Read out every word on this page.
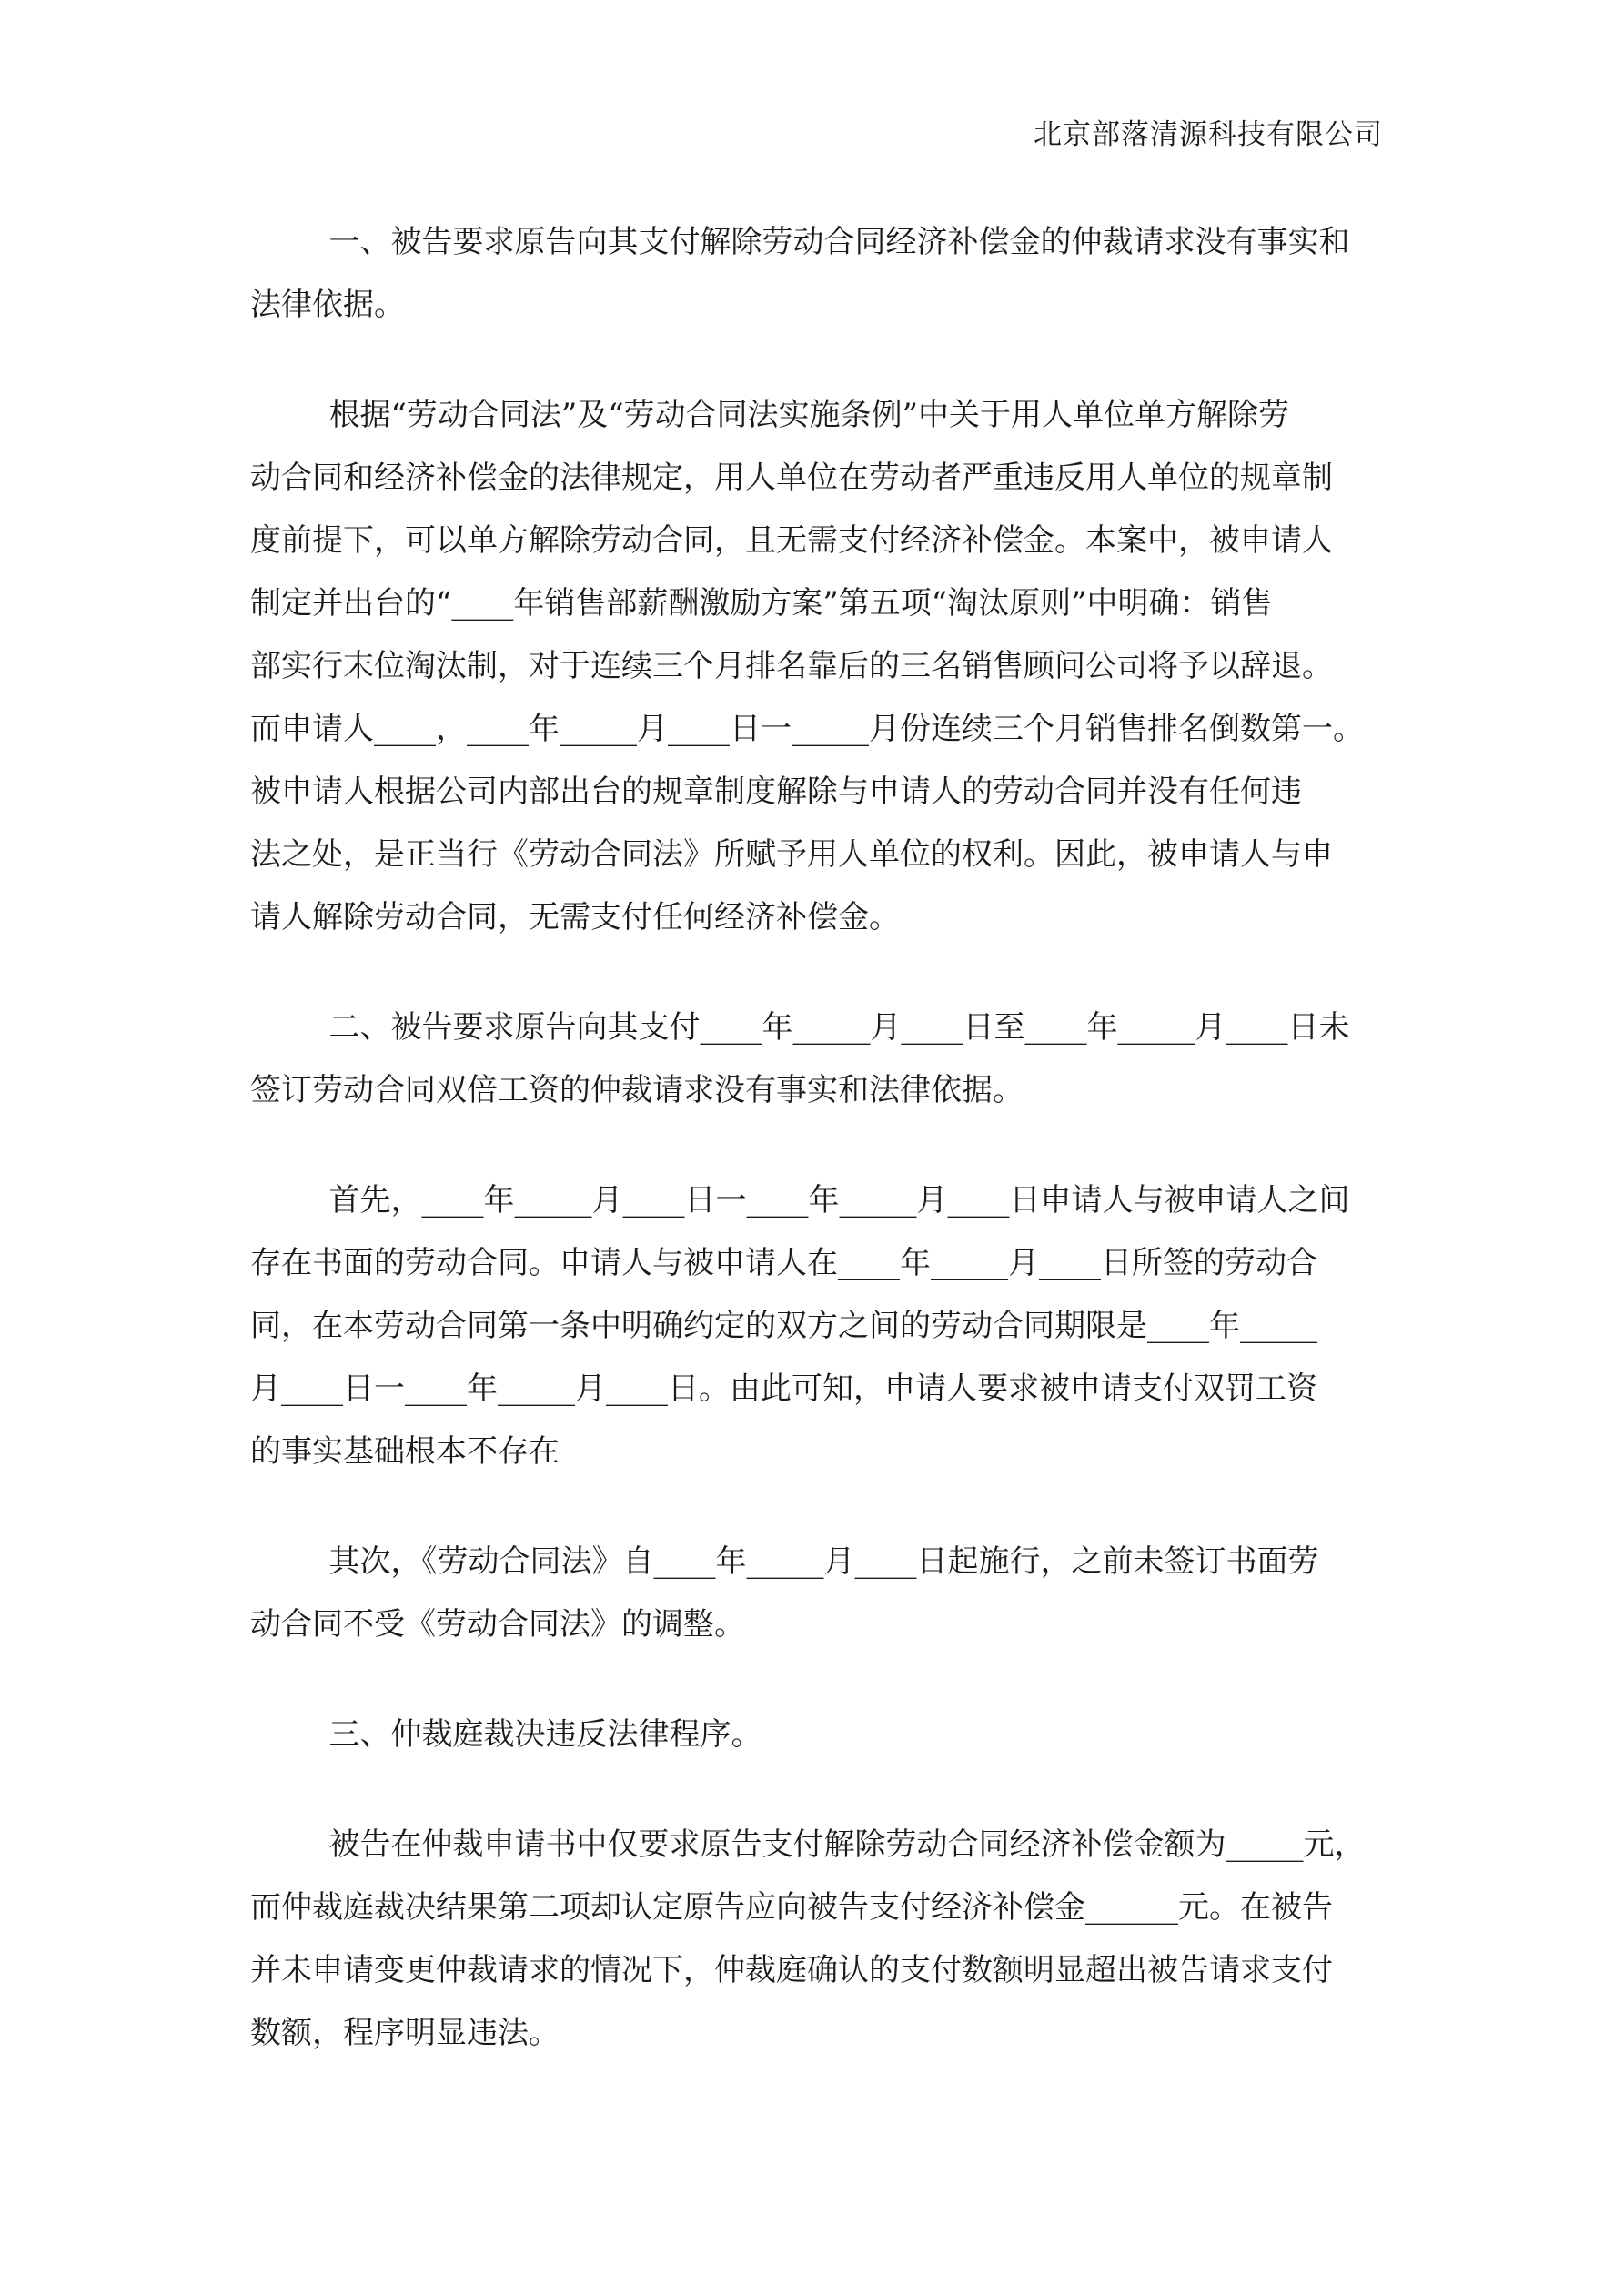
北京部落清源科技有限公司

一、被告要求原告向其支付解除劳动合同经济补偿金的仲裁请求没有事实和
法律依据。

根据“劳动合同法”及“劳动合同法实施条例”中关于用人单位单方解除劳
动合同和经济补偿金的法律规定，用人单位在劳动者严重违反用人单位的规章制
度前提下，可以单方解除劳动合同，且无需支付经济补偿金。本案中，被申请人
制定并出台的“____年销售部薪酬激励方案”第五项“淘汰原则”中明确：销售
部实行末位淘汰制，对于连续三个月排名靠后的三名销售顾问公司将予以辞退。
而申请人____，____年_____月____日一_____月份连续三个月销售排名倒数第一。
被申请人根据公司内部出台的规章制度解除与申请人的劳动合同并没有任何违
法之处，是正当行《劳动合同法》所赋予用人单位的权利。因此，被申请人与申
请人解除劳动合同，无需支付任何经济补偿金。

二、被告要求原告向其支付____年_____月____日至____年_____月____日未
签订劳动合同双倍工资的仲裁请求没有事实和法律依据。

首先，____年_____月____日一____年_____月____日申请人与被申请人之间
存在书面的劳动合同。申请人与被申请人在____年_____月____日所签的劳动合
同，在本劳动合同第一条中明确约定的双方之间的劳动合同期限是____年_____
月____日一____年_____月____日。由此可知，申请人要求被申请支付双罚工资
的事实基础根本不存在

其次，《劳动合同法》自____年_____月____日起施行，之前未签订书面劳
动合同不受《劳动合同法》的调整。

三、仲裁庭裁决违反法律程序。

被告在仲裁申请书中仅要求原告支付解除劳动合同经济补偿金额为_____元，
而仲裁庭裁决结果第二项却认定原告应向被告支付经济补偿金______元。在被告
并未申请变更仲裁请求的情况下，仲裁庭确认的支付数额明显超出被告请求支付
数额，程序明显违法。
